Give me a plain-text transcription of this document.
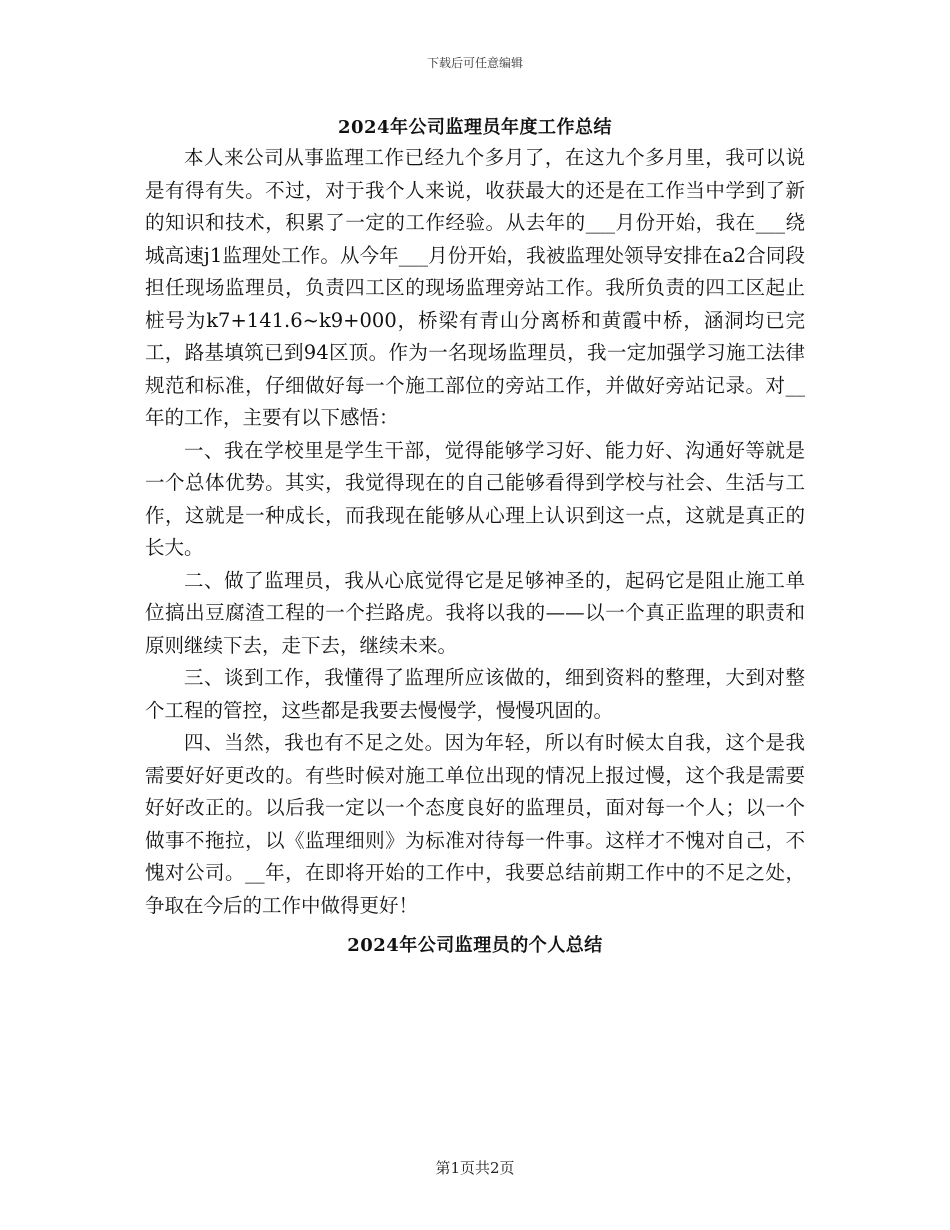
下载后可任意编辑
2024年公司监理员年度工作总结

本人来公司从事监理工作已经九个多月了，在这九个多月里，我可以说是有得有失。不过，对于我个人来说，收获最大的还是在工作当中学到了新的知识和技术，积累了一定的工作经验。从去年的___月份开始，我在___绕城高速j1监理处工作。从今年___月份开始，我被监理处领导安排在a2合同段担任现场监理员，负责四工区的现场监理旁站工作。我所负责的四工区起止桩号为k7+141.6~k9+000，桥梁有青山分离桥和黄霞中桥，涵洞均已完工，路基填筑已到94区顶。作为一名现场监理员，我一定加强学习施工法律规范和标准，仔细做好每一个施工部位的旁站工作，并做好旁站记录。对__年的工作，主要有以下感悟：

一、我在学校里是学生干部，觉得能够学习好、能力好、沟通好等就是一个总体优势。其实，我觉得现在的自己能够看得到学校与社会、生活与工作，这就是一种成长，而我现在能够从心理上认识到这一点，这就是真正的长大。

二、做了监理员，我从心底觉得它是足够神圣的，起码它是阻止施工单位搞出豆腐渣工程的一个拦路虎。我将以我的——以一个真正监理的职责和原则继续下去，走下去，继续未来。

三、谈到工作，我懂得了监理所应该做的，细到资料的整理，大到对整个工程的管控，这些都是我要去慢慢学，慢慢巩固的。

四、当然，我也有不足之处。因为年轻，所以有时候太自我，这个是我需要好好更改的。有些时候对施工单位出现的情况上报过慢，这个我是需要好好改正的。以后我一定以一个态度良好的监理员，面对每一个人；以一个做事不拖拉，以《监理细则》为标准对待每一件事。这样才不愧对自己，不愧对公司。__年，在即将开始的工作中，我要总结前期工作中的不足之处，争取在今后的工作中做得更好！

2024年公司监理员的个人总结
第1页共2页
